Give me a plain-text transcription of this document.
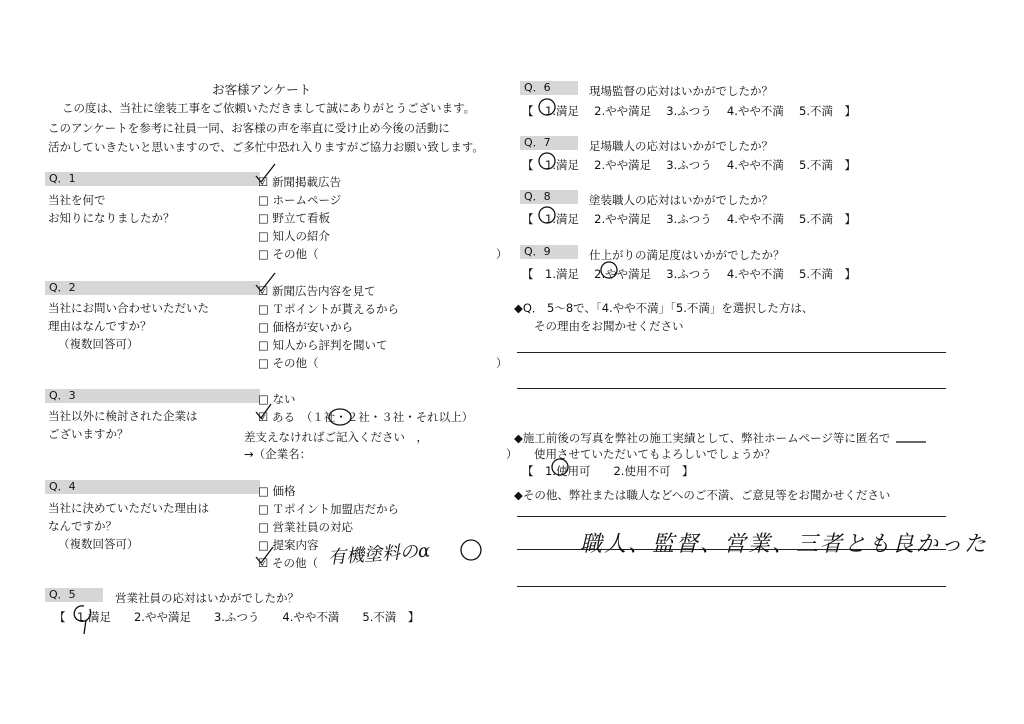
お客様アンケート
この度は、当社に塗装工事をご依頼いただきまして誠にありがとうございます。
このアンケートを参考に社員一同、お客様の声を率直に受け止め今後の活動に
活かしていきたいと思いますので、ご多忙中恐れ入りますがご協力お願い致します。
Q．1
当社を何で
お知りになりましたか？
☑ 新聞掲載広告
□ ホームページ
□ 野立て看板
□ 知人の紹介
□ その他（	）
Q．2
当社にお問い合わせいただいた
理由はなんですか？
（複数回答可）
☑ 新聞広告内容を見て
□ Ｔポイントが貰えるから
□ 価格が安いから
□ 知人から評判を聞いて
□ その他（	）
Q．3
当社以外に検討された企業は
ございますか？
□ ない
☑ ある　（１社・２社・３社・それ以上）
差支えなければご記入ください　，
→（企業名：	）
Q．4
当社に決めていただいた理由は
なんですか？
（複数回答可）
□ 価格
□ Ｔポイント加盟店だから
□ 営業社員の対応
□ 提案内容
☑ その他（ 有機塗料のα
Q．5	営業社員の応対はいかがでしたか？
【　1.満足　　2.やや満足　　3.ふつう　　4.やや不満　　5.不満　】
Q．6	現場監督の応対はいかがでしたか？
【　1.満足　 2.やや満足　 3.ふつう　 4.やや不満　 5.不満　】
Q．7	足場職人の応対はいかがでしたか？
【　1.満足　 2.やや満足　 3.ふつう　 4.やや不満　 5.不満　】
Q．8	塗装職人の応対はいかがでしたか？
【　1.満足　 2.やや満足　 3.ふつう　 4.やや不満　 5.不満　】
Q．9	仕上がりの満足度はいかがでしたか？
【　1.満足　 2.やや満足　 3.ふつう　 4.やや不満　 5.不満　】
◆Q． 5～8で、「4.やや不満」「5.不満」を選択した方は、
その理由をお聞かせください
◆施工前後の写真を弊社の施工実績として、弊社ホームページ等に匿名で
使用させていただいてもよろしいでしょうか？
【　1.使用可　　2.使用不可　】
◆その他、弊社または職人などへのご不満、ご意見等をお聞かせください
職人、監督、営業、三者とも良かった
